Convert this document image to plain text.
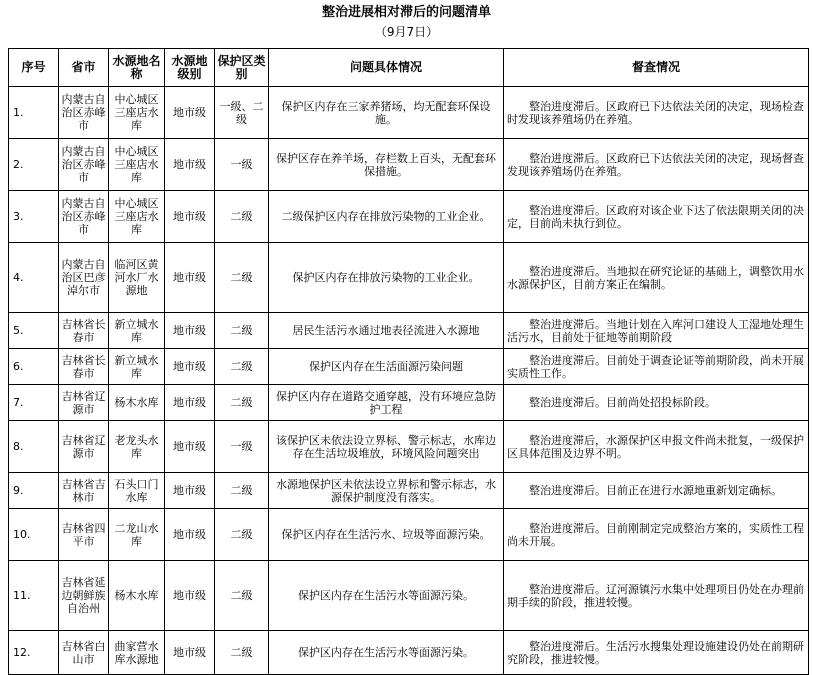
整治进展相对滞后的问题清单
（9月7日）
序号	省市	水源地名称	水源地级别	保护区类别	问题具体情况	督查情况
1.	内蒙古自治区赤峰市	中心城区三座店水库	地市级	一级、二级	保护区内存在三家养猪场，均无配套环保设施。	整治进度滞后。区政府已下达依法关闭的决定，现场检查时发现该养殖场仍在养殖。
2.	内蒙古自治区赤峰市	中心城区三座店水库	地市级	一级	保护区存在养羊场，存栏数上百头，无配套环保措施。	整治进度滞后。区政府已下达依法关闭的决定，现场督查发现该养殖场仍在养殖。
3.	内蒙古自治区赤峰市	中心城区三座店水库	地市级	二级	二级保护区内存在排放污染物的工业企业。	整治进度滞后。区政府对该企业下达了依法限期关闭的决定，目前尚未执行到位。
4.	内蒙古自治区巴彦淖尔市	临河区黄河水厂水源地	地市级	二级	保护区内存在排放污染物的工业企业。	整治进度滞后。当地拟在研究论证的基础上，调整饮用水水源保护区，目前方案正在编制。
5.	吉林省长春市	新立城水库	地市级	二级	居民生活污水通过地表径流进入水源地	整治进度滞后。当地计划在入库河口建设人工湿地处理生活污水，目前处于征地等前期阶段
6.	吉林省长春市	新立城水库	地市级	二级	保护区内存在生活面源污染问题	整治进度滞后。目前处于调查论证等前期阶段，尚未开展实质性工作。
7.	吉林省辽源市	杨木水库	地市级	二级	保护区内存在道路交通穿越，没有环境应急防护工程	整治进度滞后。目前尚处招投标阶段。
8.	吉林省辽源市	老龙头水库	地市级	一级	该保护区未依法设立界标、警示标志，水库边存在生活垃圾堆放，环境风险问题突出	整治进度滞后，水源保护区申报文件尚未批复，一级保护区具体范围及边界不明。
9.	吉林省吉林市	石头口门水库	地市级	二级	水源地保护区未依法设立界标和警示标志，水源保护制度没有落实。	整治进度滞后。目前正在进行水源地重新划定确标。
10.	吉林省四平市	二龙山水库	地市级	二级	保护区内存在生活污水、垃圾等面源污染。	整治进度滞后。目前刚制定完成整治方案的，实质性工程尚未开展。
11.	吉林省延边朝鲜族自治州	杨木水库	地市级	二级	保护区内存在生活污水等面源污染。	整治进度滞后。辽河源镇污水集中处理项目仍处在办理前期手续的阶段，推进较慢。
12.	吉林省白山市	曲家营水库水源地	地市级	二级	保护区内存在生活污水等面源污染。	整治进度滞后。生活污水搜集处理设施建设仍处在前期研究阶段，推进较慢。
